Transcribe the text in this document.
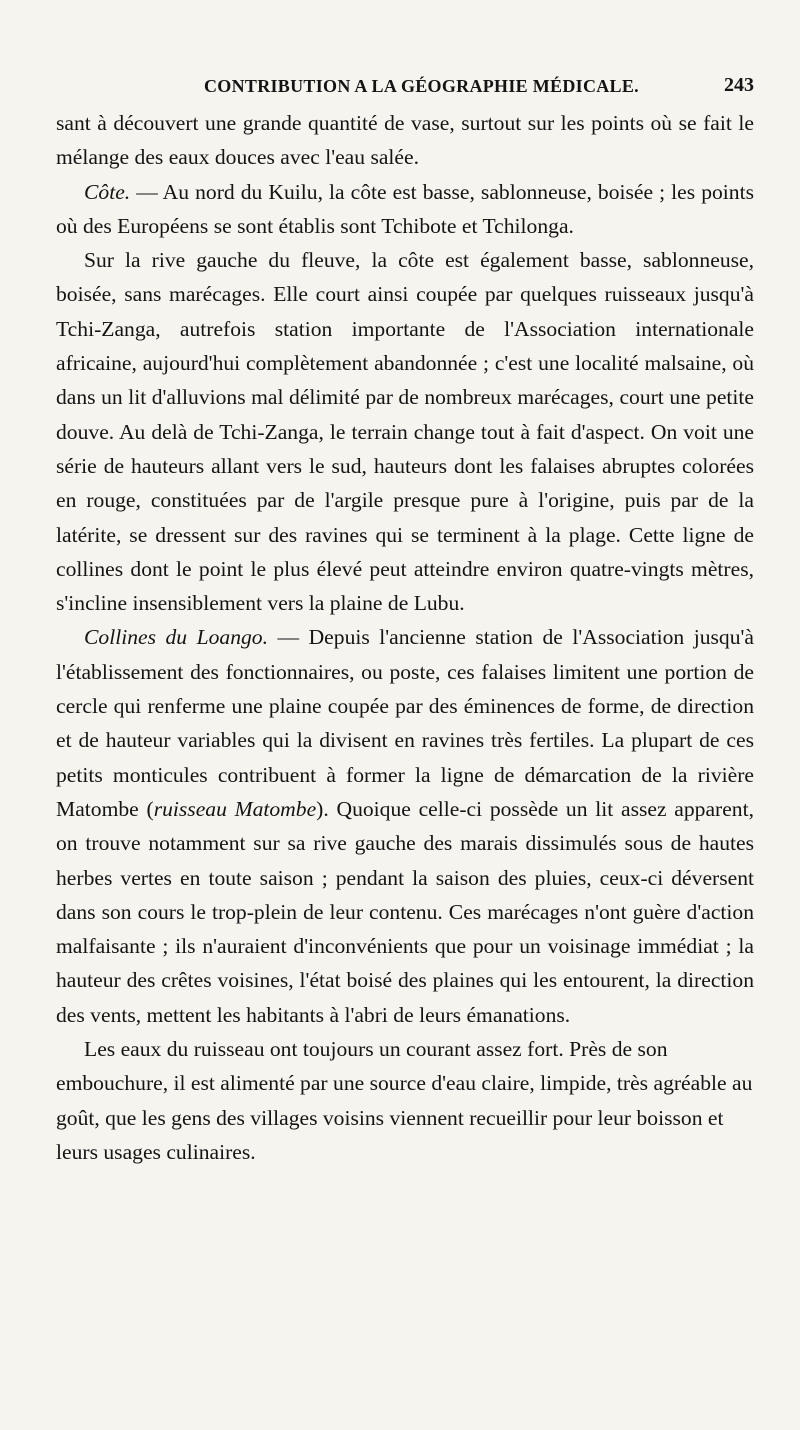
CONTRIBUTION A LA GÉOGRAPHIE MÉDICALE.	243

sant à découvert une grande quantité de vase, surtout sur les points où se fait le mélange des eaux douces avec l'eau salée.

Côte. — Au nord du Kuilu, la côte est basse, sablonneuse, boisée ; les points où des Européens se sont établis sont Tchibote et Tchilonga.

Sur la rive gauche du fleuve, la côte est également basse, sablonneuse, boisée, sans marécages. Elle court ainsi coupée par quelques ruisseaux jusqu'à Tchi-Zanga, autrefois station importante de l'Association internationale africaine, aujourd'hui complètement abandonnée ; c'est une localité malsaine, où dans un lit d'alluvions mal délimité par de nombreux marécages, court une petite douve. Au delà de Tchi-Zanga, le terrain change tout à fait d'aspect. On voit une série de hauteurs allant vers le sud, hauteurs dont les falaises abruptes colorées en rouge, constituées par de l'argile presque pure à l'origine, puis par de la latérite, se dressent sur des ravines qui se terminent à la plage. Cette ligne de collines dont le point le plus élevé peut atteindre environ quatre-vingts mètres, s'incline insensiblement vers la plaine de Lubu.

Collines du Loango. — Depuis l'ancienne station de l'Association jusqu'à l'établissement des fonctionnaires, ou poste, ces falaises limitent une portion de cercle qui renferme une plaine coupée par des éminences de forme, de direction et de hauteur variables qui la divisent en ravines très fertiles. La plupart de ces petits monticules contribuent à former la ligne de démarcation de la rivière Matombe (ruisseau Matombe). Quoique celle-ci possède un lit assez apparent, on trouve notamment sur sa rive gauche des marais dissimulés sous de hautes herbes vertes en toute saison ; pendant la saison des pluies, ceux-ci déversent dans son cours le trop-plein de leur contenu. Ces marécages n'ont guère d'action malfaisante ; ils n'auraient d'inconvénients que pour un voisinage immédiat ; la hauteur des crêtes voisines, l'état boisé des plaines qui les entourent, la direction des vents, mettent les habitants à l'abri de leurs émanations.

Les eaux du ruisseau ont toujours un courant assez fort. Près de son embouchure, il est alimenté par une source d'eau claire, limpide, très agréable au goût, que les gens des villages voisins viennent recueillir pour leur boisson et leurs usages culinaires.
